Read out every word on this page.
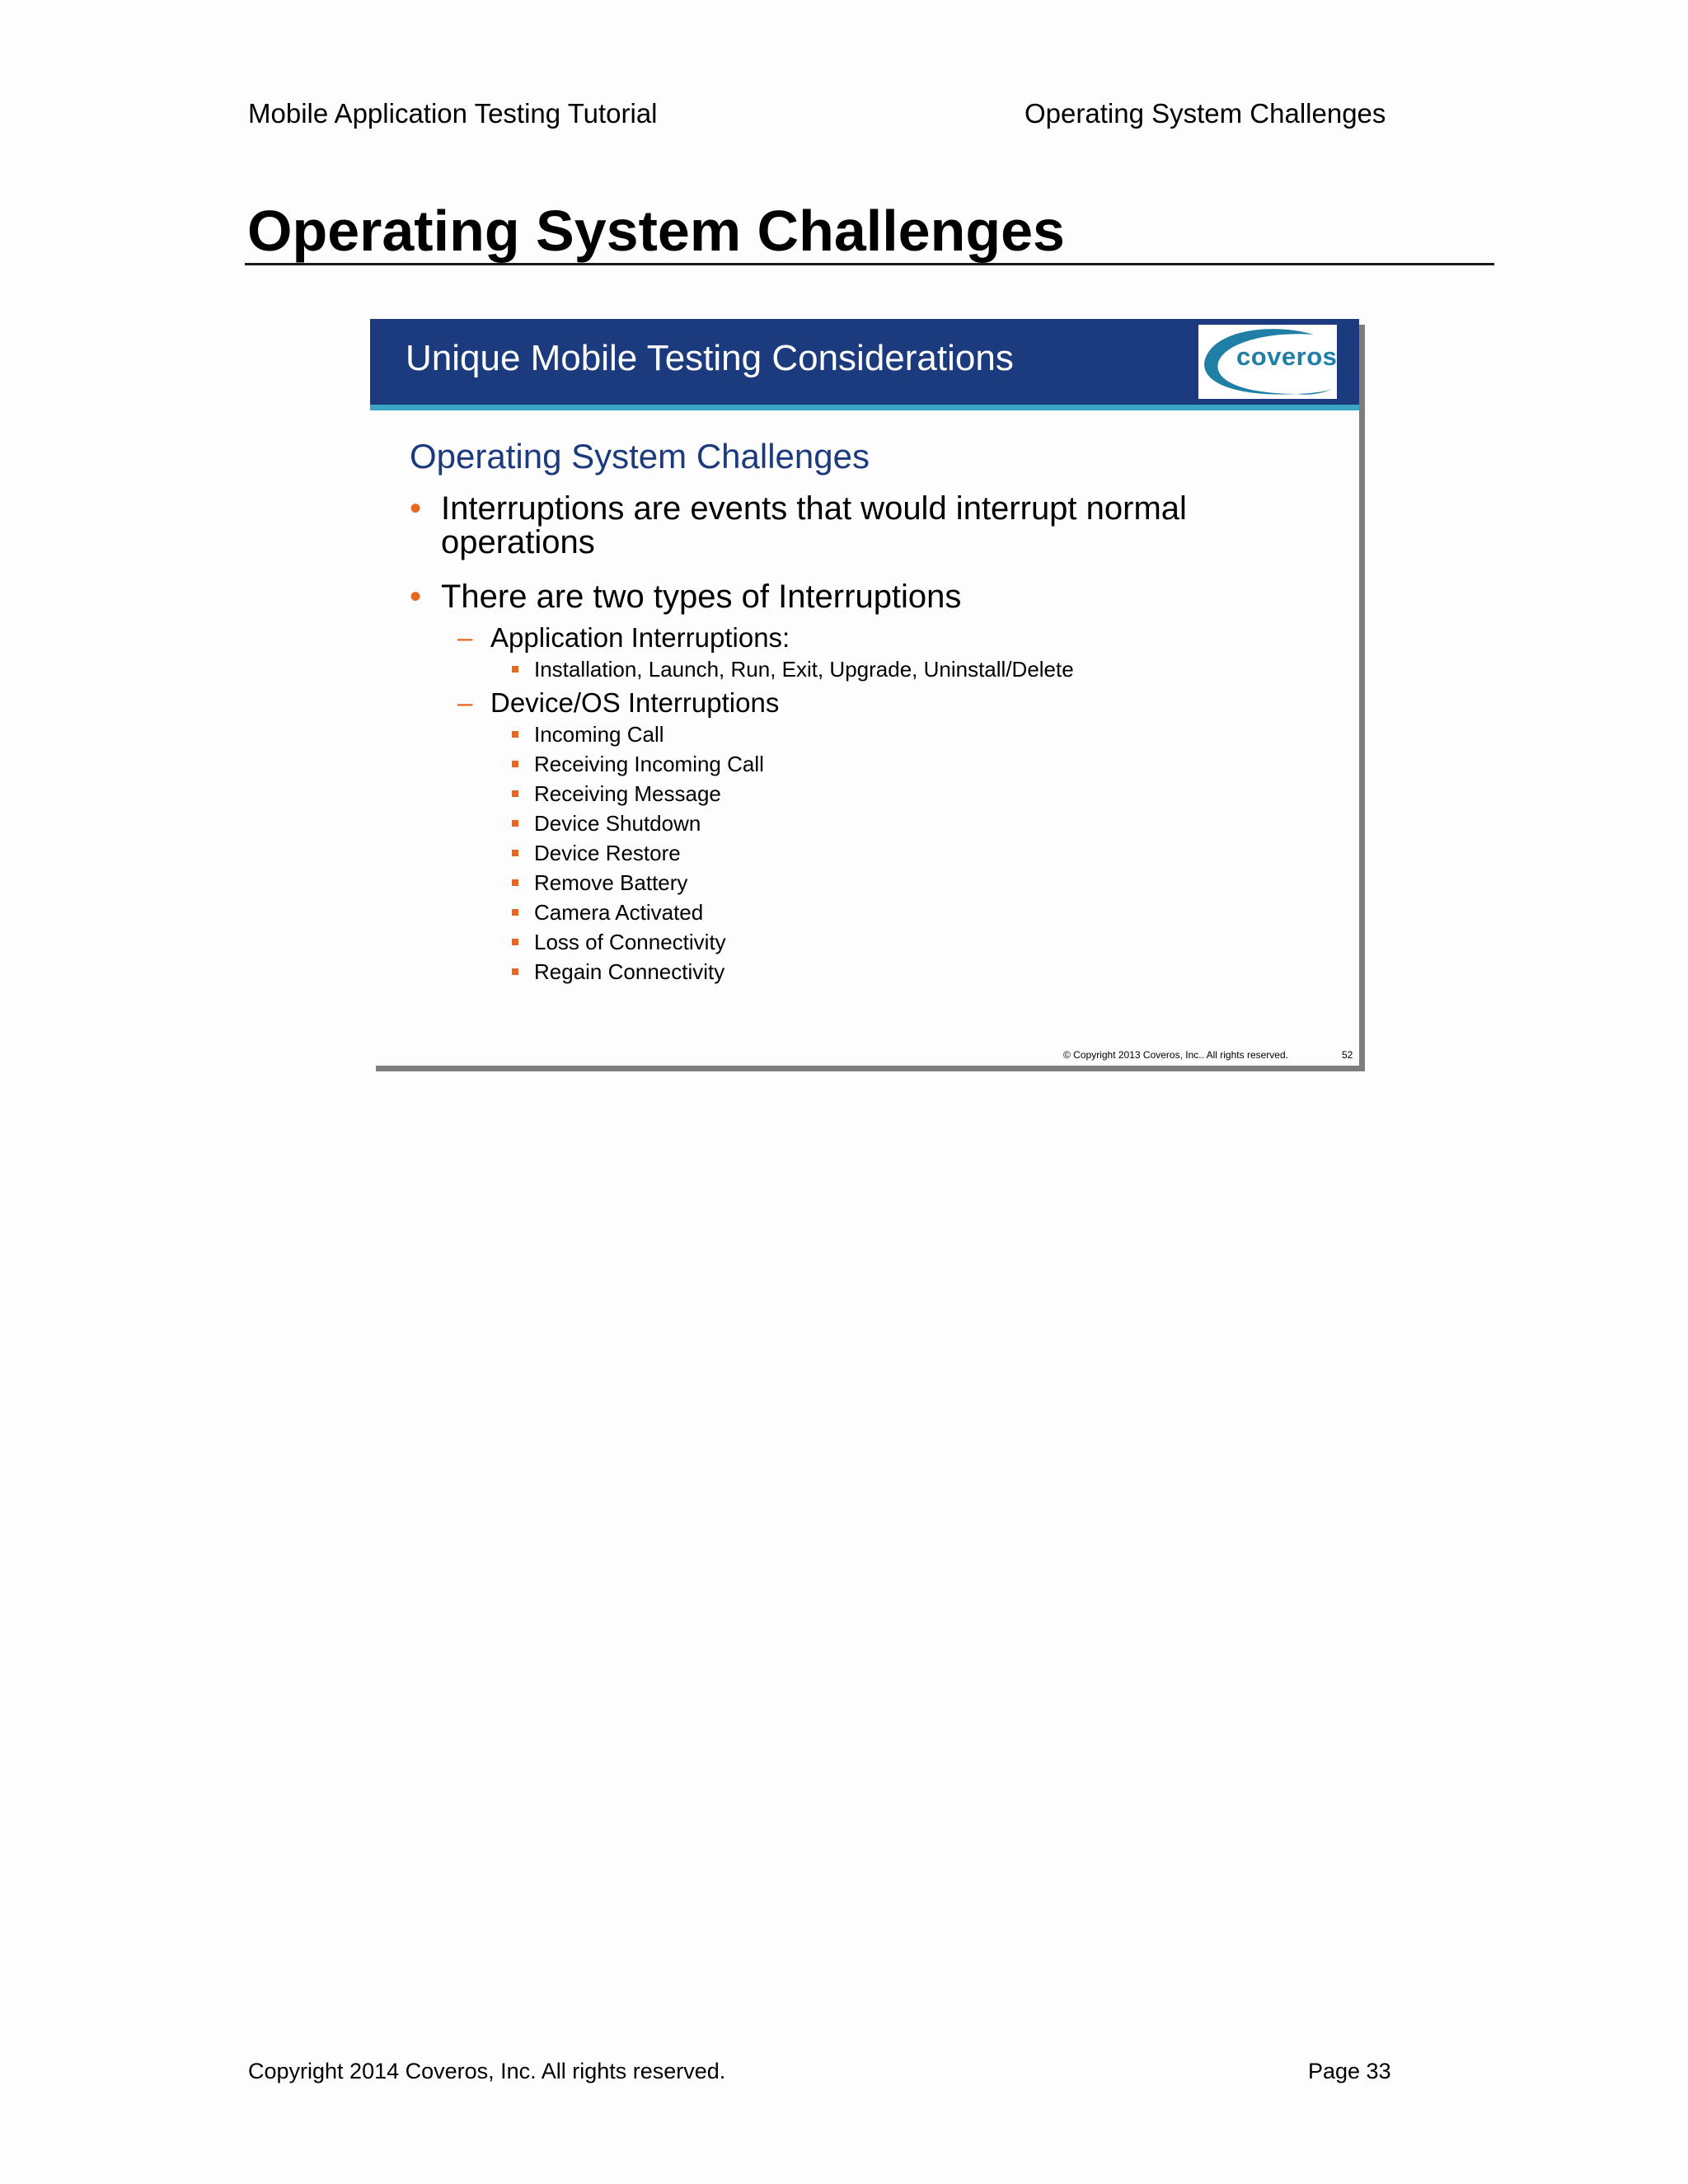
Mobile Application Testing Tutorial	Operating System Challenges
Operating System Challenges
Unique Mobile Testing Considerations	coveros
Operating System Challenges
• Interruptions are events that would interrupt normal operations
• There are two types of Interruptions
– Application Interruptions:
Installation, Launch, Run, Exit, Upgrade, Uninstall/Delete
– Device/OS Interruptions
Incoming Call
Receiving Incoming Call
Receiving Message
Device Shutdown
Device Restore
Remove Battery
Camera Activated
Loss of Connectivity
Regain Connectivity
© Copyright 2013 Coveros, Inc.. All rights reserved.	52
Copyright 2014 Coveros, Inc. All rights reserved.	Page 33
